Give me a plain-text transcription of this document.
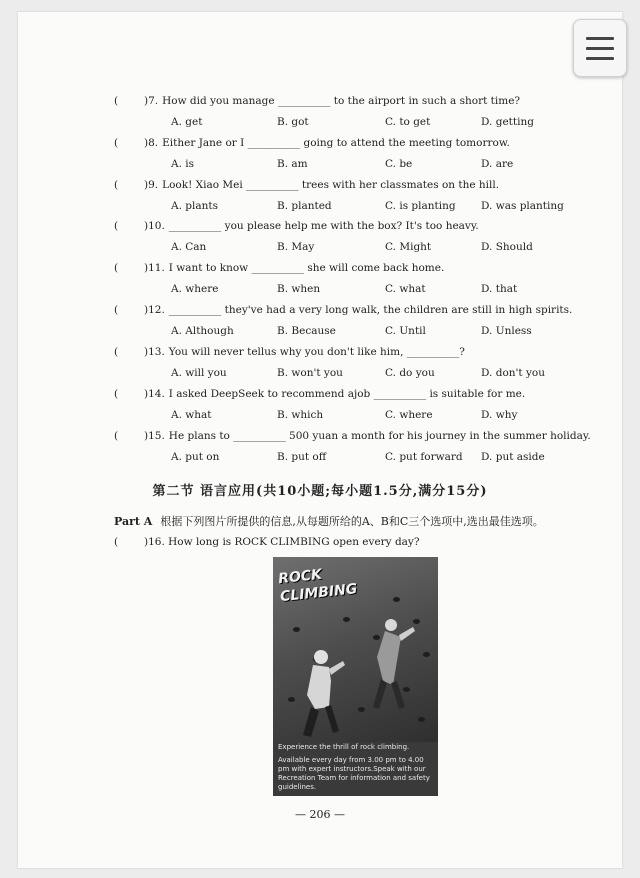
( )7. How did you manage __________ to the airport in such a short time?
A. get	B. got	C. to get	D. getting
( )8. Either Jane or I __________ going to attend the meeting tomorrow.
A. is	B. am	C. be	D. are
( )9. Look! Xiao Mei __________ trees with her classmates on the hill.
A. plants	B. planted	C. is planting D. was planting
( )10. __________ you please help me with the box? It's too heavy.
A. Can	B. May	C. Might	D. Should
( )11. I want to know __________ she will come back home.
A. where	B. when	C. what	D. that
( )12. __________ they've had a very long walk, the children are still in high spirits.
A. Although	B. Because	C. Until	D. Unless
( )13. You will never tellus why you don't like him, __________?
A. will you	B. won't you	C. do you	D. don't you
( )14. I asked DeepSeek to recommend ajob __________ is suitable for me.
A. what	B. which	C. where	D. why
( )15. He plans to __________ 500 yuan a month for his journey in the summer holiday.
A. put on	B. put off	C. put forward D. put aside
第二节 语言应用(共10小题;每小题1.5分,满分15分)
Part A 根据下列图片所提供的信息,从每题所给的A、B和C三个选项中,选出最佳选项。
( )16. How long is ROCK CLIMBING open every day?
ROCK
CLIMBING

Experience the thrill of rock climbing.

Available every day from 3.00 pm to 4.00 pm with expert instructors.Speak with our Recreation Team for information and safety guidelines.

— 206 —
